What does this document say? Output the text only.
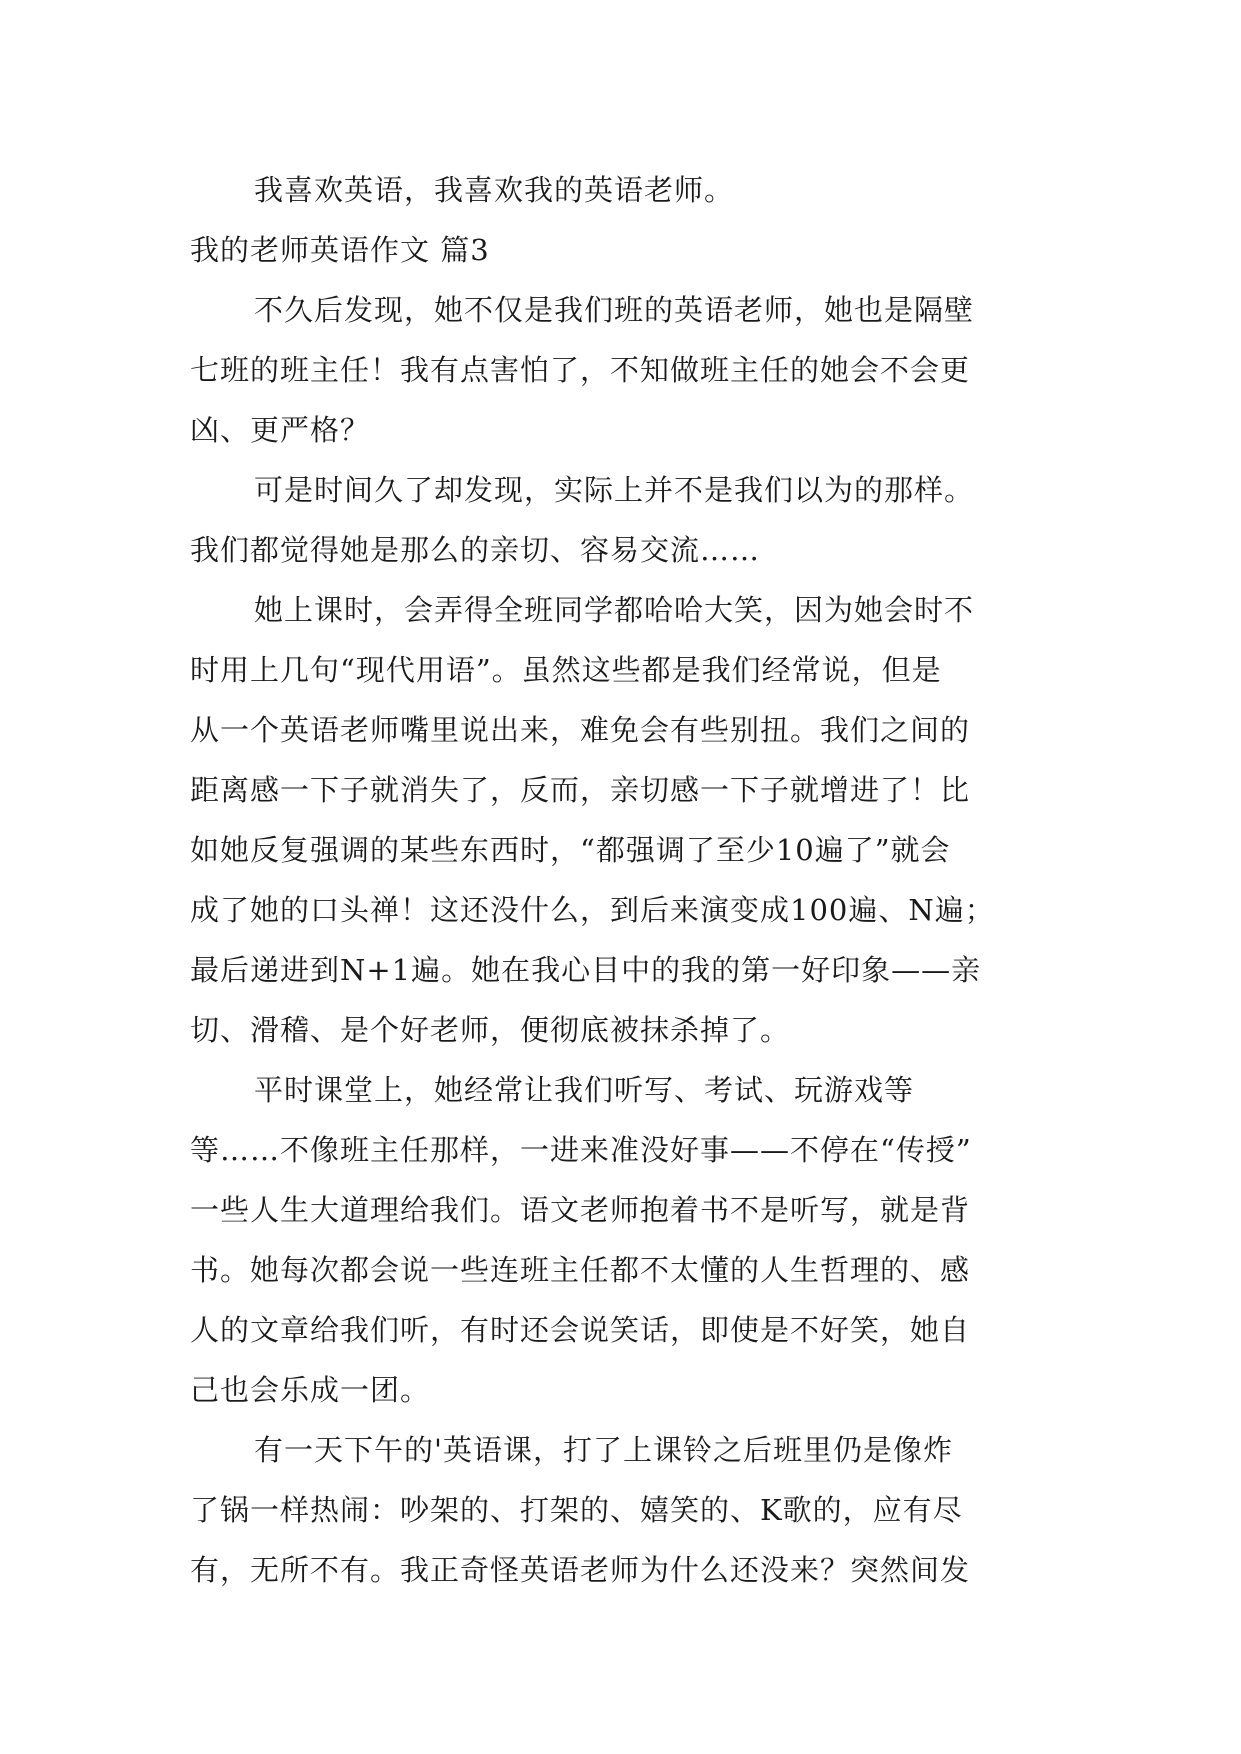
我喜欢英语，我喜欢我的英语老师。
我的老师英语作文 篇3
不久后发现，她不仅是我们班的英语老师，她也是隔壁
七班的班主任！我有点害怕了，不知做班主任的她会不会更
凶、更严格？
可是时间久了却发现，实际上并不是我们以为的那样。
我们都觉得她是那么的亲切、容易交流……
她上课时，会弄得全班同学都哈哈大笑，因为她会时不
时用上几句“现代用语”。虽然这些都是我们经常说，但是
从一个英语老师嘴里说出来，难免会有些别扭。我们之间的
距离感一下子就消失了，反而，亲切感一下子就增进了！比
如她反复强调的某些东西时，“都强调了至少10遍了”就会
成了她的口头禅！这还没什么，到后来演变成100遍、N遍；
最后递进到N+1遍。她在我心目中的我的第一好印象——亲
切、滑稽、是个好老师，便彻底被抹杀掉了。
平时课堂上，她经常让我们听写、考试、玩游戏等
等……不像班主任那样，一进来准没好事——不停在“传授”
一些人生大道理给我们。语文老师抱着书不是听写，就是背
书。她每次都会说一些连班主任都不太懂的人生哲理的、感
人的文章给我们听，有时还会说笑话，即使是不好笑，她自
己也会乐成一团。
有一天下午的'英语课，打了上课铃之后班里仍是像炸
了锅一样热闹：吵架的、打架的、嬉笑的、K歌的，应有尽
有，无所不有。我正奇怪英语老师为什么还没来？突然间发
